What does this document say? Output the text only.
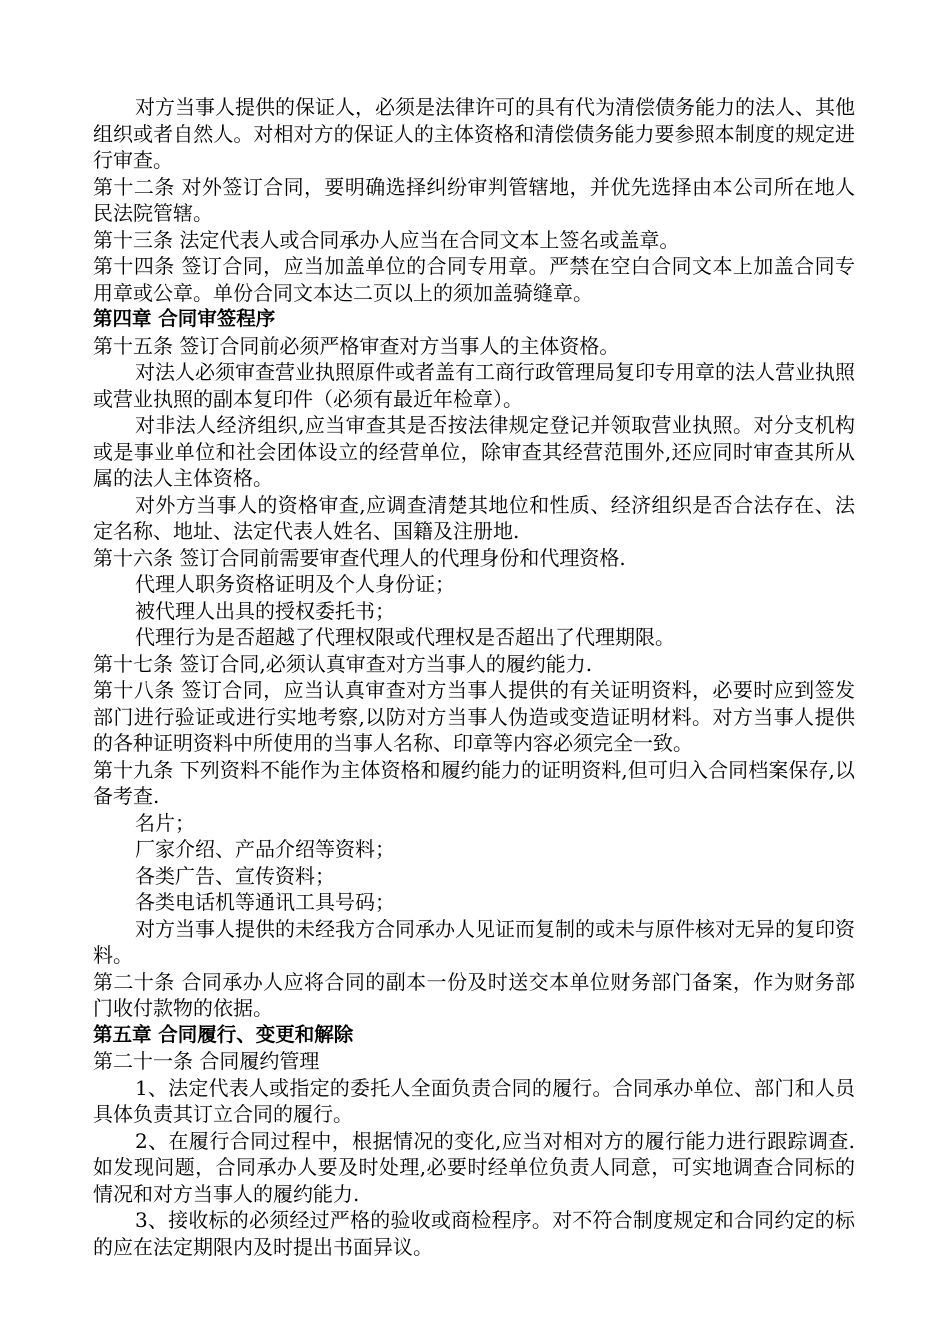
对方当事人提供的保证人，必须是法律许可的具有代为清偿债务能力的法人、其他组织或者自然人。对相对方的保证人的主体资格和清偿债务能力要参照本制度的规定进行审查。

第十二条 对外签订合同，要明确选择纠纷审判管辖地，并优先选择由本公司所在地人民法院管辖。

第十三条 法定代表人或合同承办人应当在合同文本上签名或盖章。

第十四条 签订合同，应当加盖单位的合同专用章。严禁在空白合同文本上加盖合同专用章或公章。单份合同文本达二页以上的须加盖骑缝章。

第四章 合同审签程序

第十五条 签订合同前必须严格审查对方当事人的主体资格。

对法人必须审查营业执照原件或者盖有工商行政管理局复印专用章的法人营业执照或营业执照的副本复印件（必须有最近年检章）。

对非法人经济组织,应当审查其是否按法律规定登记并领取营业执照。对分支机构或是事业单位和社会团体设立的经营单位，除审查其经营范围外,还应同时审查其所从属的法人主体资格。

对外方当事人的资格审查,应调查清楚其地位和性质、经济组织是否合法存在、法定名称、地址、法定代表人姓名、国籍及注册地.

第十六条 签订合同前需要审查代理人的代理身份和代理资格.

代理人职务资格证明及个人身份证；

被代理人出具的授权委托书；

代理行为是否超越了代理权限或代理权是否超出了代理期限。

第十七条 签订合同,必须认真审查对方当事人的履约能力.

第十八条 签订合同，应当认真审查对方当事人提供的有关证明资料，必要时应到签发部门进行验证或进行实地考察,以防对方当事人伪造或变造证明材料。对方当事人提供的各种证明资料中所使用的当事人名称、印章等内容必须完全一致。

第十九条 下列资料不能作为主体资格和履约能力的证明资料,但可归入合同档案保存,以备考查.

名片；

厂家介绍、产品介绍等资料；

各类广告、宣传资料；

各类电话机等通讯工具号码；

对方当事人提供的未经我方合同承办人见证而复制的或未与原件核对无异的复印资料。

第二十条 合同承办人应将合同的副本一份及时送交本单位财务部门备案，作为财务部门收付款物的依据。

第五章 合同履行、变更和解除

第二十一条 合同履约管理

1、法定代表人或指定的委托人全面负责合同的履行。合同承办单位、部门和人员具体负责其订立合同的履行。

2、在履行合同过程中，根据情况的变化,应当对相对方的履行能力进行跟踪调查.如发现问题，合同承办人要及时处理,必要时经单位负责人同意，可实地调查合同标的情况和对方当事人的履约能力.

3、接收标的必须经过严格的验收或商检程序。对不符合制度规定和合同约定的标的应在法定期限内及时提出书面异议。
